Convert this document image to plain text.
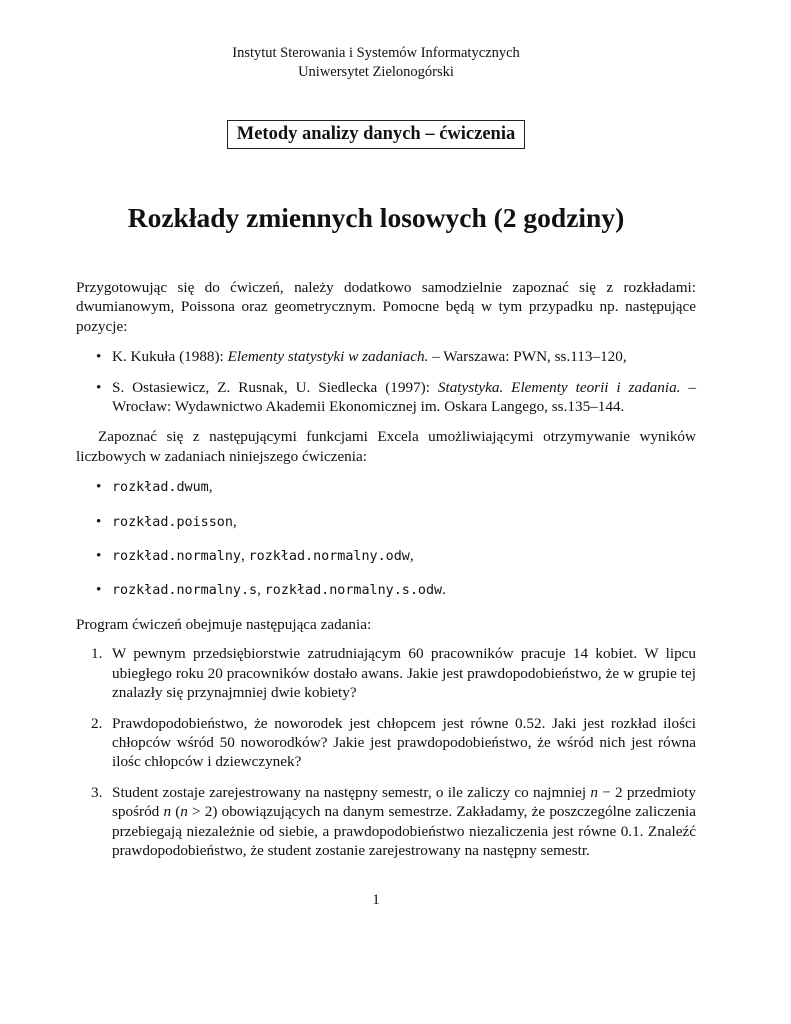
Instytut Sterowania i Systemów Informatycznych
Uniwersytet Zielonogórski
Metody analizy danych – ćwiczenia
Rozkłady zmiennych losowych (2 godziny)

Przygotowując się do ćwiczeń, należy dodatkowo samodzielnie zapoznać się z rozkładami: dwumianowym, Poissona oraz geometrycznym. Pomocne będą w tym przypadku np. następujące pozycje:

• K. Kukuła (1988): Elementy statystyki w zadaniach. – Warszawa: PWN, ss.113–120,
• S. Ostasiewicz, Z. Rusnak, U. Siedlecka (1997): Statystyka. Elementy teorii i zadania. – Wrocław: Wydawnictwo Akademii Ekonomicznej im. Oskara Langego, ss.135–144.

Zapoznać się z następującymi funkcjami Excela umożliwiającymi otrzymywanie wyników liczbowych w zadaniach niniejszego ćwiczenia:

• rozkład.dwum,
• rozkład.poisson,
• rozkład.normalny, rozkład.normalny.odw,
• rozkład.normalny.s, rozkład.normalny.s.odw.

Program ćwiczeń obejmuje następująca zadania:

1. W pewnym przedsiębiorstwie zatrudniającym 60 pracowników pracuje 14 kobiet. W lipcu ubiegłego roku 20 pracowników dostało awans. Jakie jest prawdopodobieństwo, że w grupie tej znalazły się przynajmniej dwie kobiety?
2. Prawdopodobieństwo, że noworodek jest chłopcem jest równe 0.52. Jaki jest rozkład ilości chłopców wśród 50 noworodków? Jakie jest prawdopodobieństwo, że wśród nich jest równa ilośc chłopców i dziewczynek?
3. Student zostaje zarejestrowany na następny semestr, o ile zaliczy co najmniej n − 2 przedmioty spośród n (n > 2) obowiązujących na danym semestrze. Zakładamy, że poszczególne zaliczenia przebiegają niezależnie od siebie, a prawdopodobieństwo niezaliczenia jest równe 0.1. Znaleźć prawdopodobieństwo, że student zostanie zarejestrowany na następny semestr.
1
